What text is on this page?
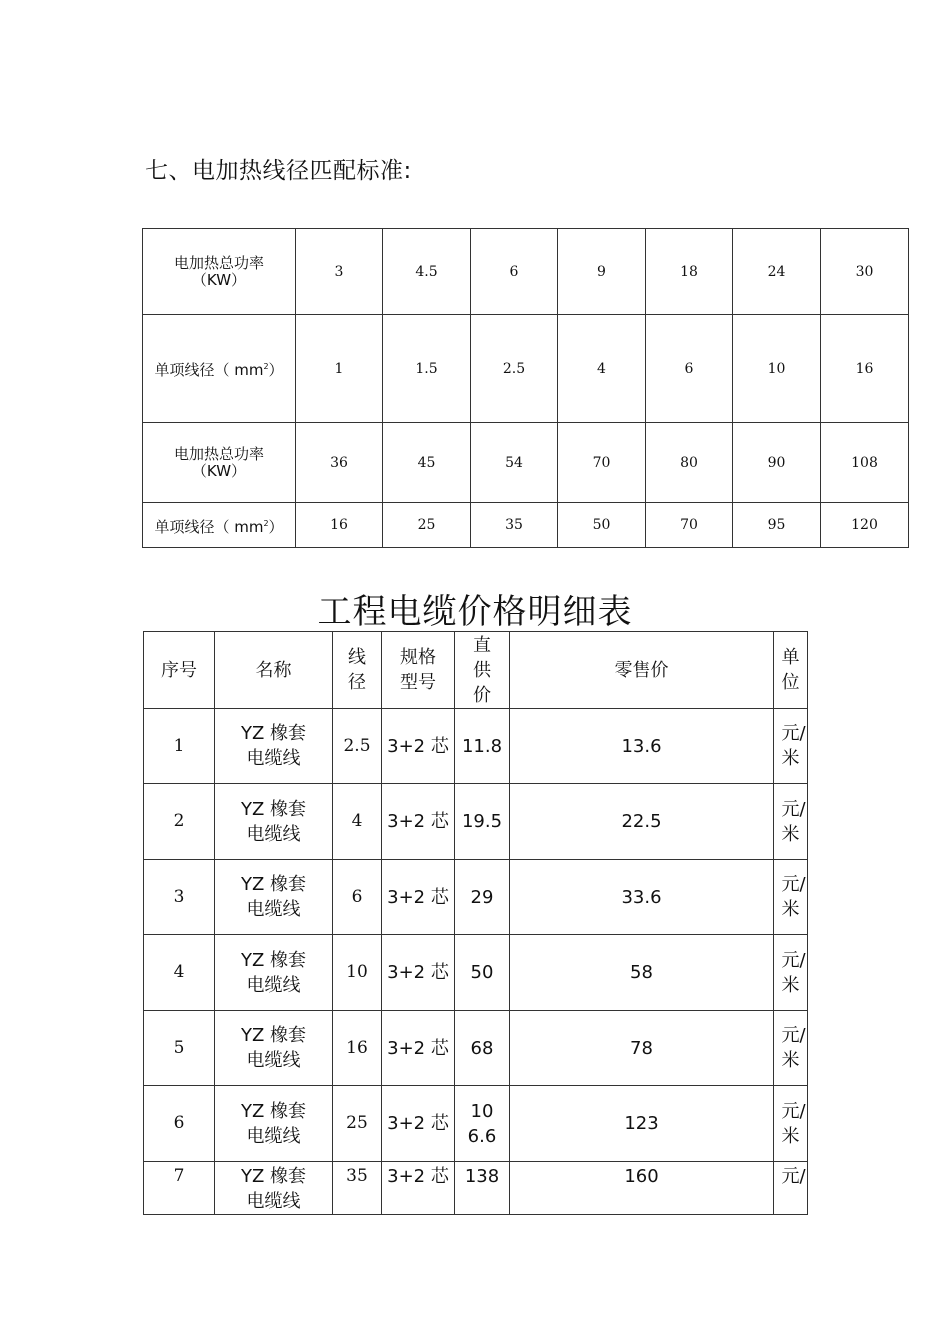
七、电加热线径匹配标准:
电加热总功率
（KW）	3	4.5	6	9	18	24	30
单项线径（ $mm^2$）	1	1.5	2.5	4	6	10	16
电加热总功率
（KW）	36	45	54	70	80	90	108
单项线径（ $mm^2$）	16	25	35	50	70	95	120
工程电缆价格明细表
序号	名称	线径	规格型号	直供价	零售价	单位
1	YZ 橡套电缆线	2.5	3+2 芯	11.8	13.6	元/米
2	YZ 橡套电缆线	4	3+2 芯	19.5	22.5	元/米
3	YZ 橡套电缆线	6	3+2 芯	29	33.6	元/米
4	YZ 橡套电缆线	10	3+2 芯	50	58	元/米
5	YZ 橡套电缆线	16	3+2 芯	68	78	元/米
6	YZ 橡套电缆线	25	3+2 芯	106.6	123	元/米
7	YZ 橡套电缆线	35	3+2 芯	138	160	元/
